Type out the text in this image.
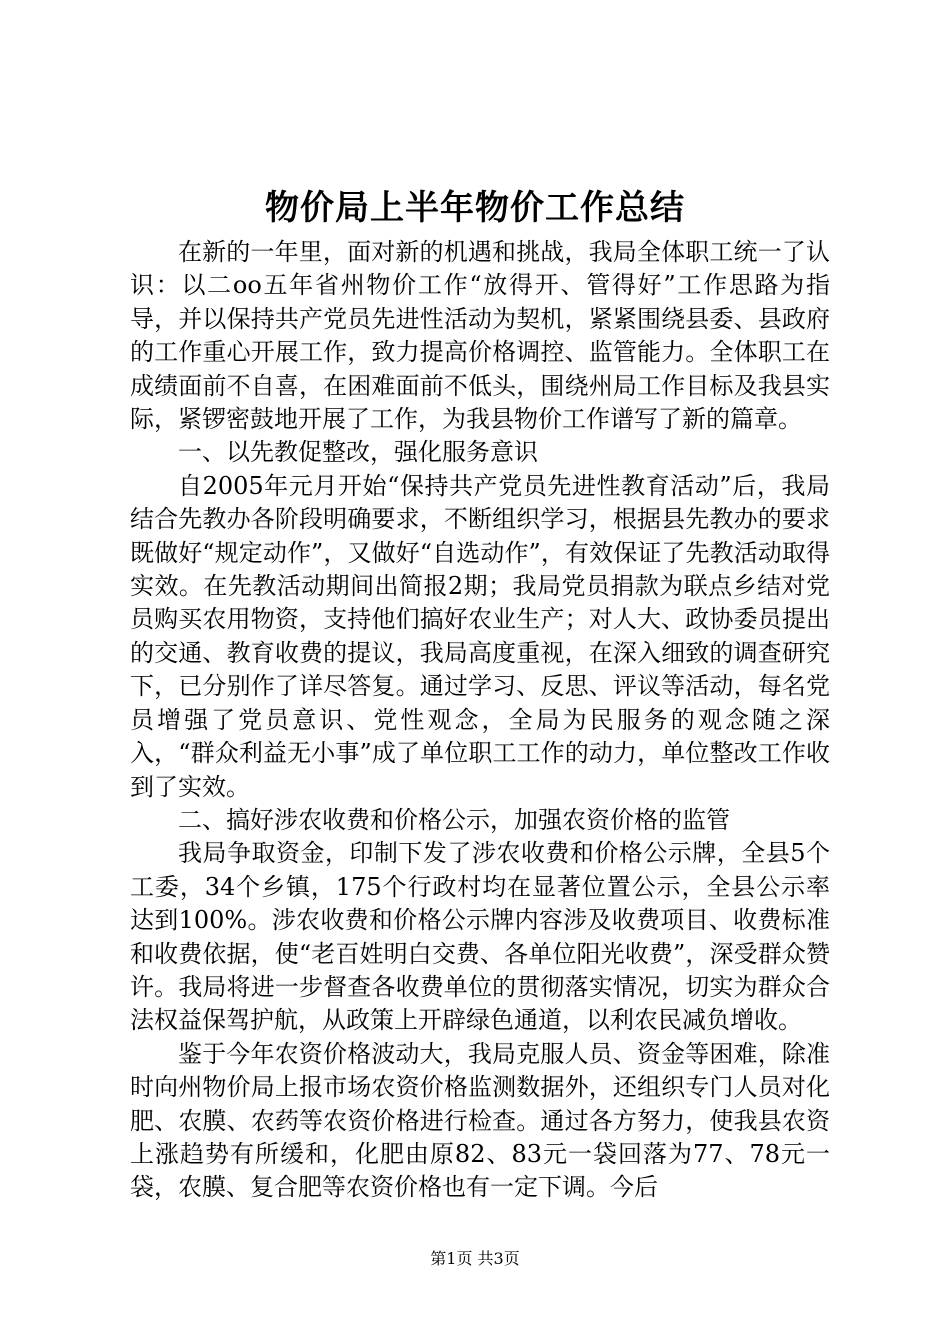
物价局上半年物价工作总结

在新的一年里，面对新的机遇和挑战，我局全体职工统一了认识：以二oo五年省州物价工作“放得开、管得好”工作思路为指导，并以保持共产党员先进性活动为契机，紧紧围绕县委、县政府的工作重心开展工作，致力提高价格调控、监管能力。全体职工在成绩面前不自喜，在困难面前不低头，围绕州局工作目标及我县实际，紧锣密鼓地开展了工作，为我县物价工作谱写了新的篇章。

一、以先教促整改，强化服务意识

自2005年元月开始“保持共产党员先进性教育活动”后，我局结合先教办各阶段明确要求，不断组织学习，根据县先教办的要求既做好“规定动作”，又做好“自选动作”，有效保证了先教活动取得实效。在先教活动期间出简报2期；我局党员捐款为联点乡结对党员购买农用物资，支持他们搞好农业生产；对人大、政协委员提出的交通、教育收费的提议，我局高度重视，在深入细致的调查研究下，已分别作了详尽答复。通过学习、反思、评议等活动，每名党员增强了党员意识、党性观念，全局为民服务的观念随之深入，“群众利益无小事”成了单位职工工作的动力，单位整改工作收到了实效。

二、搞好涉农收费和价格公示，加强农资价格的监管

我局争取资金，印制下发了涉农收费和价格公示牌，全县5个工委，34个乡镇，175个行政村均在显著位置公示，全县公示率达到100%。涉农收费和价格公示牌内容涉及收费项目、收费标准和收费依据，使“老百姓明白交费、各单位阳光收费”，深受群众赞许。我局将进一步督查各收费单位的贯彻落实情况，切实为群众合法权益保驾护航，从政策上开辟绿色通道，以利农民减负增收。

鉴于今年农资价格波动大，我局克服人员、资金等困难，除准时向州物价局上报市场农资价格监测数据外，还组织专门人员对化肥、农膜、农药等农资价格进行检查。通过各方努力，使我县农资上涨趋势有所缓和，化肥由原82、83元一袋回落为77、78元一袋，农膜、复合肥等农资价格也有一定下调。今后

第1页 共3页
